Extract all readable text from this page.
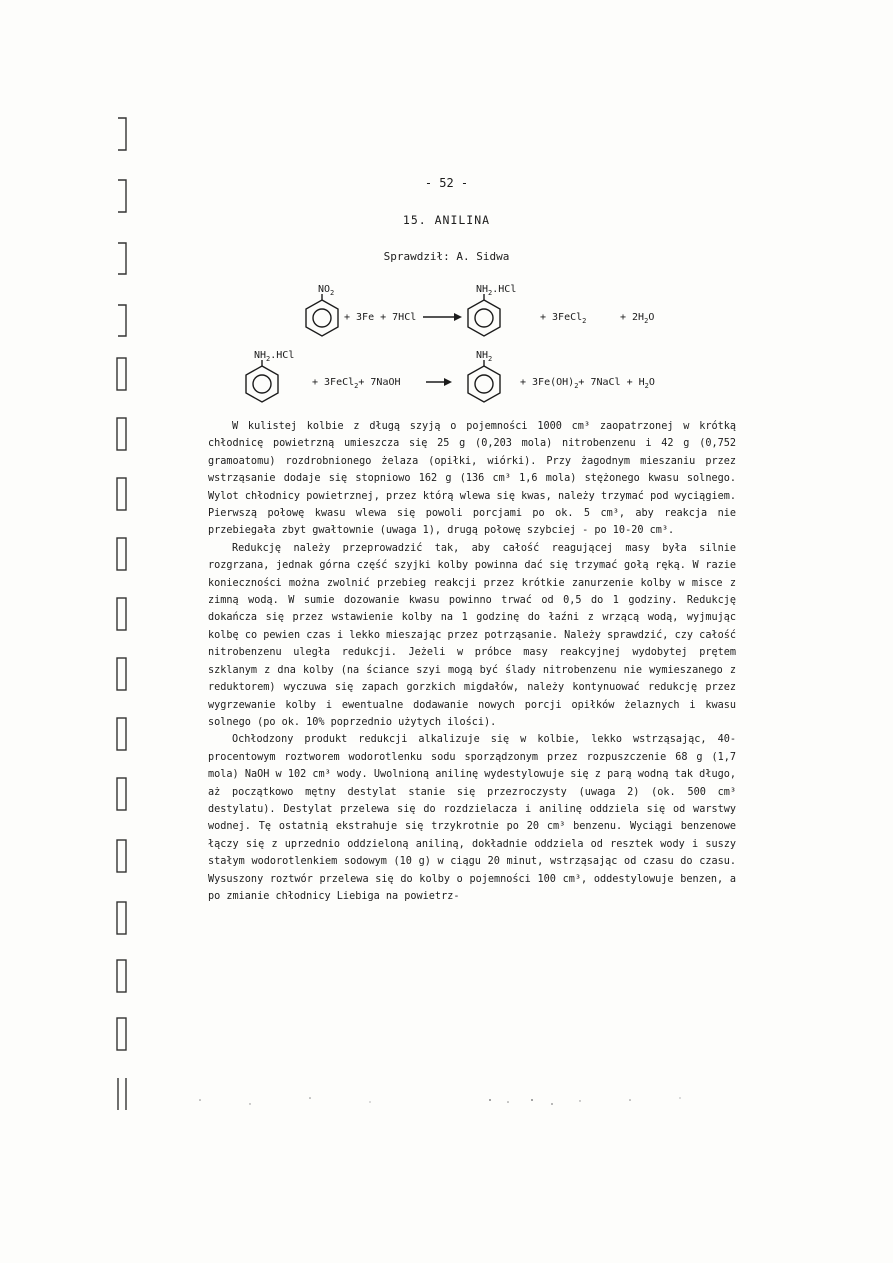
- 52 -
15. ANILINA
Sprawdził: A. Sidwa
$NO_2$
+ 3Fe + 7HCl
$NH_2.HCl$
+ 3FeCl$_2$	+ $2H_2O$
$NH_2.HCl$
+ 3FeCl$_2$+ 7NaOH
$NH_2$
+ $3Fe(OH)_2+$ 7NaCl + $H_2O$

W kulistej kolbie z długą szyją o pojemności 1000 cm³ zaopatrzonej w krótką chłodnicę powietrzną umieszcza się 25 g (0,203 mola) nitrobenzenu i 42 g (0,752 gramoatomu) rozdrobnionego żelaza (opiłki, wiórki). Przy żagodnym mieszaniu przez wstrząsanie dodaje się stopniowo 162 g (136 cm³ 1,6 mola) stężonego kwasu solnego. Wylot chłodnicy powietrznej, przez którą wlewa się kwas, należy trzymać pod wyciągiem. Pierwszą połowę kwasu wlewa się powoli porcjami po ok. 5 cm³, aby reakcja nie przebiegała zbyt gwałtownie (uwaga 1), drugą połowę szybciej - po 10-20 cm³.

Redukcję należy przeprowadzić tak, aby całość reagującej masy była silnie rozgrzana, jednak górna część szyjki kolby powinna dać się trzymać gołą ręką. W razie konieczności można zwolnić przebieg reakcji przez krótkie zanurzenie kolby w misce z zimną wodą. W sumie dozowanie kwasu powinno trwać od 0,5 do 1 godziny. Redukcję dokańcza się przez wstawienie kolby na 1 godzinę do łaźni z wrzącą wodą, wyjmując kolbę co pewien czas i lekko mieszając przez potrząsanie. Należy sprawdzić, czy całość nitrobenzenu uległa redukcji. Jeżeli w próbce masy reakcyjnej wydobytej prętem szklanym z dna kolby (na ściance szyi mogą być ślady nitrobenzenu nie wymieszanego z reduktorem) wyczuwa się zapach gorzkich migdałów, należy kontynuować redukcję przez wygrzewanie kolby i ewentualne dodawanie nowych porcji opiłków żelaznych i kwasu solnego (po ok. 10% poprzednio użytych ilości).

Ochłodzony produkt redukcji alkalizuje się w kolbie, lekko wstrząsając, 40-procentowym roztworem wodorotlenku sodu sporządzonym przez rozpuszczenie 68 g (1,7 mola) NaOH w 102 cm³ wody. Uwolnioną anilinę wydestylowuje się z parą wodną tak długo, aż początkowo mętny destylat stanie się przezroczysty (uwaga 2) (ok. 500 cm³ destylatu). Destylat przelewa się do rozdzielacza i anilinę oddziela się od warstwy wodnej. Tę ostatnią ekstrahuje się trzykrotnie po 20 cm³ benzenu. Wyciągi benzenowe łączy się z uprzednio oddzieloną aniliną, dokładnie oddziela od resztek wody i suszy stałym wodorotlenkiem sodowym (10 g) w ciągu 20 minut, wstrząsając od czasu do czasu. Wysuszony roztwór przelewa się do kolby o pojemności 100 cm³, oddestylowuje benzen, a po zmianie chłodnicy Liebiga na powietrz-
